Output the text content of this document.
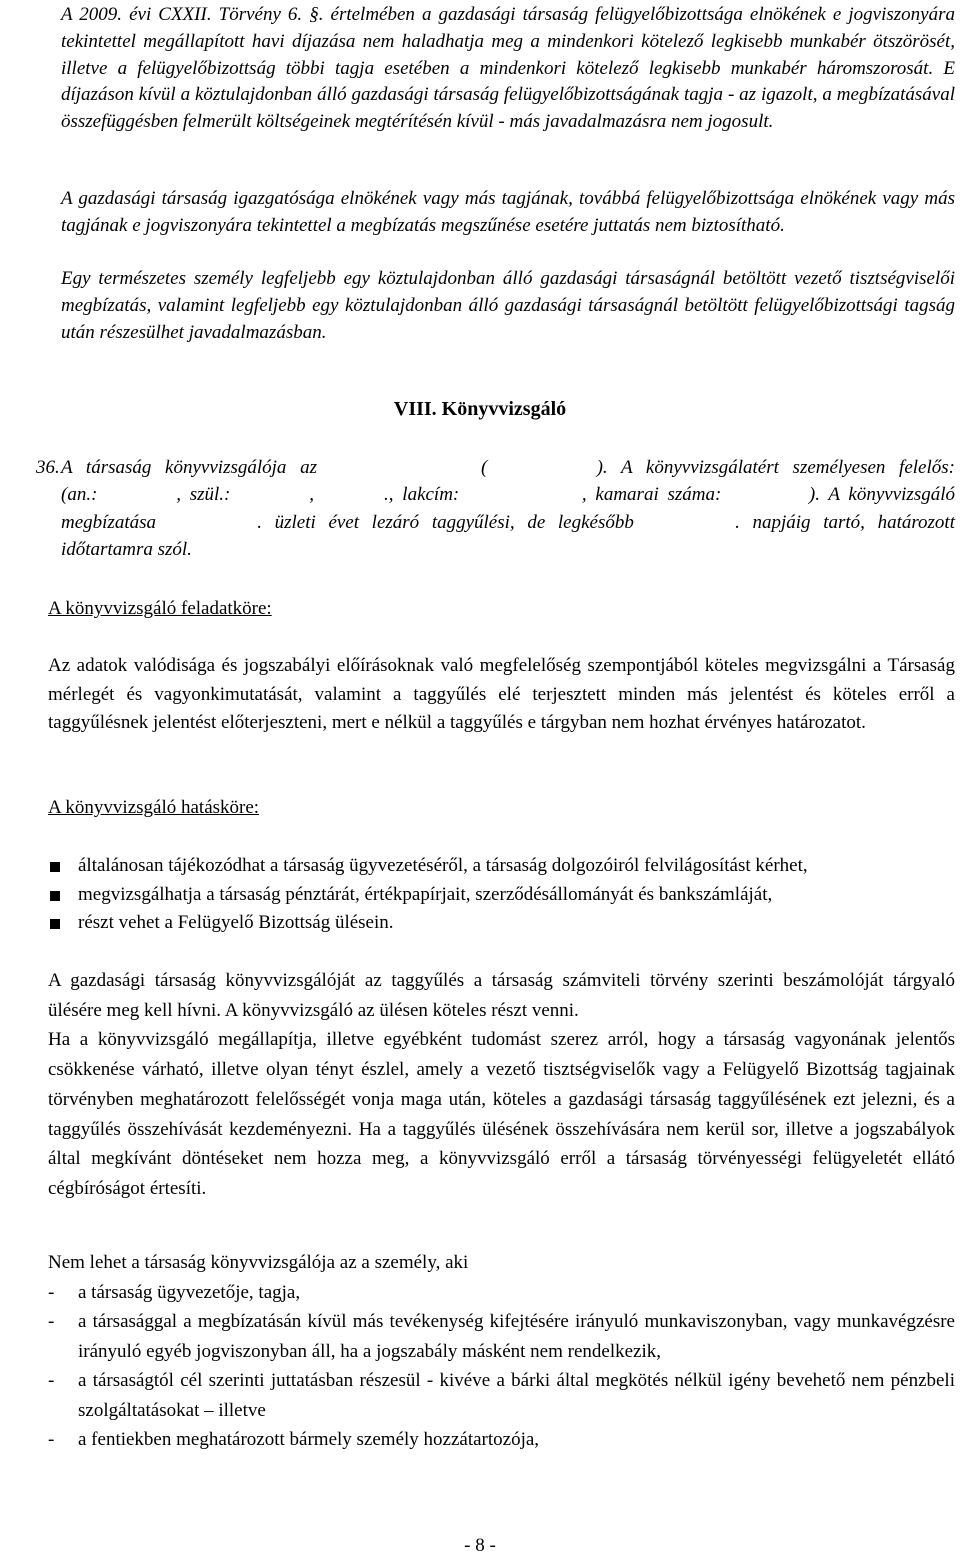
A 2009. évi CXXII. Törvény 6. §. értelmében a gazdasági társaság felügyelőbizottsága elnökének e jogviszonyára tekintettel megállapított havi díjazása nem haladhatja meg a mindenkori kötelező legkisebb munkabér ötszörösét, illetve a felügyelőbizottság többi tagja esetében a mindenkori kötelező legkisebb munkabér háromszorosát. E díjazáson kívül a köztulajdonban álló gazdasági társaság felügyelőbizottságának tagja - az igazolt, a megbízatásával összefüggésben felmerült költségeinek megtérítésén kívül - más javadalmazásra nem jogosult.

A gazdasági társaság igazgatósága elnökének vagy más tagjának, továbbá felügyelőbizottsága elnökének vagy más tagjának e jogviszonyára tekintettel a megbízatás megszűnése esetére juttatás nem biztosítható.

Egy természetes személy legfeljebb egy köztulajdonban álló gazdasági társaságnál betöltött vezető tisztségviselői megbízatás, valamint legfeljebb egy köztulajdonban álló gazdasági társaságnál betöltött felügyelőbizottsági tagság után részesülhet javadalmazásban.

VIII. Könyvvizsgáló
36. A társaság könyvvizsgálója az            (        ). A könyvvizsgálatért személyesen felelős:
(an.:         , szül.:         ,        ., lakcím:              , kamarai száma:          ). A könyvvizsgáló
megbízatása        . üzleti évet lezáró taggyűlési, de legkésőbb        . napjáig tartó, határozott
időtartamra szól.
A könyvvizsgáló feladatköre:

Az adatok valódisága és jogszabályi előírásoknak való megfelelőség szempontjából köteles megvizsgálni a Társaság mérlegét és vagyonkimutatását, valamint a taggyűlés elé terjesztett minden más jelentést és köteles erről a taggyűlésnek jelentést előterjeszteni, mert e nélkül a taggyűlés e tárgyban nem hozhat érvényes határozatot.

A könyvvizsgáló hatásköre:
általánosan tájékozódhat a társaság ügyvezetéséről, a társaság dolgozóiról felvilágosítást kérhet,
megvizsgálhatja a társaság pénztárát, értékpapírjait, szerződésállományát és bankszámláját,
részt vehet a Felügyelő Bizottság ülésein.

A gazdasági társaság könyvvizsgálóját az taggyűlés a társaság számviteli törvény szerinti beszámolóját tárgyaló ülésére meg kell hívni. A könyvvizsgáló az ülésen köteles részt venni.

Ha a könyvvizsgáló megállapítja, illetve egyébként tudomást szerez arról, hogy a társaság vagyonának jelentős csökkenése várható, illetve olyan tényt észlel, amely a vezető tisztségviselők vagy a Felügyelő Bizottság tagjainak törvényben meghatározott felelősségét vonja maga után, köteles a gazdasági társaság taggyűlésének ezt jelezni, és a taggyűlés összehívását kezdeményezni. Ha a taggyűlés ülésének összehívására nem kerül sor, illetve a jogszabályok által megkívánt döntéseket nem hozza meg, a könyvvizsgáló erről a társaság törvényességi felügyeletét ellátó cégbíróságot értesíti.

Nem lehet a társaság könyvvizsgálója az a személy, aki

- a társaság ügyvezetője, tagja,
- a társasággal a megbízatásán kívül más tevékenység kifejtésére irányuló munkaviszonyban, vagy munkavégzésre irányuló egyéb jogviszonyban áll, ha a jogszabály másként nem rendelkezik,
- a társaságtól cél szerinti juttatásban részesül - kivéve a bárki által megkötés nélkül igény bevehető nem pénzbeli szolgáltatásokat – illetve
- a fentiekben meghatározott bármely személy hozzátartozója,
- 8 -
